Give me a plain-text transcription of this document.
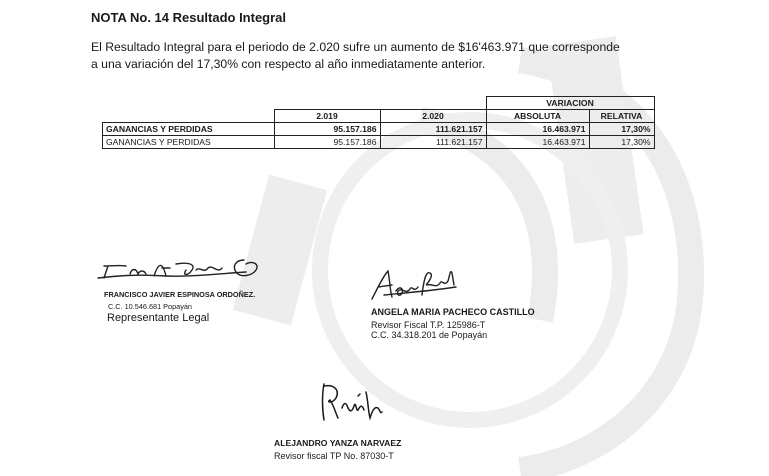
NOTA No. 14 Resultado Integral
El Resultado Integral para el periodo de 2.020 sufre un aumento de $16'463.971 que corresponde
a una variación del 17,30% con respecto al año inmediatamente anterior.
			VARIACION	
	2.019	2.020	ABSOLUTA	RELATIVA
GANANCIAS Y PERDIDAS	95.157.186	111.621.157	16.463.971	17,30%
GANANCIAS Y PERDIDAS	95.157.186	111.621.157	16.463.971	17,30%
FRANCISCO JAVIER ESPINOSA ORDOÑEZ.
C.C. 10.546.681 Popayán
Representante Legal	ANGELA MARIA PACHECO CASTILLO
Revisor Fiscal T.P. 125986-T
C.C. 34.318.201 de Popayán
ALEJANDRO YANZA NARVAEZ
Revisor fiscal TP No. 87030-T
